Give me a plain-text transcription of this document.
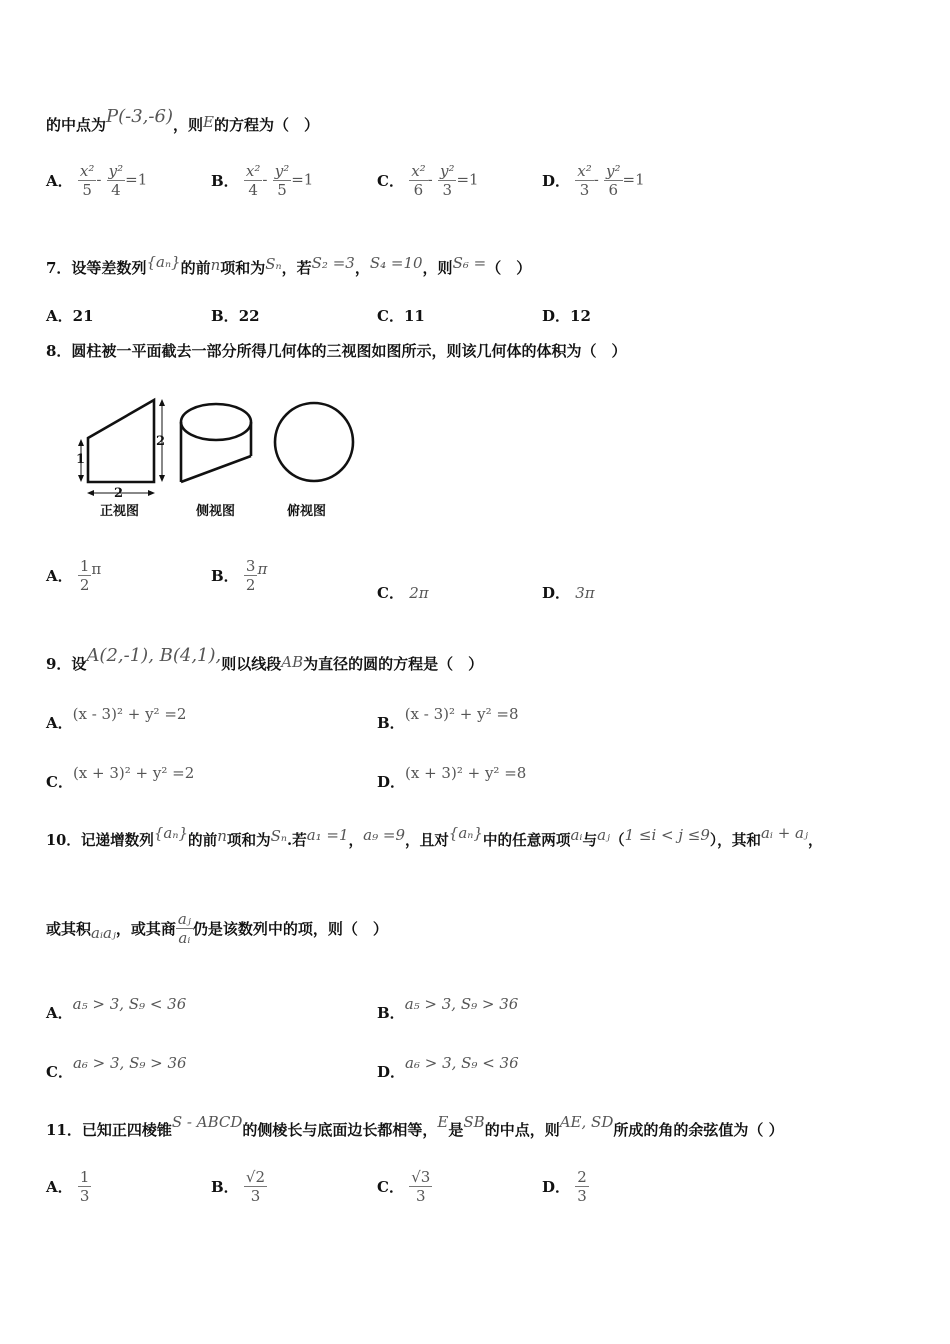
的中点为P(-3,-6)，则E的方程为（　）
A． $\frac{\text{x²}}{5} - \frac{\text{y²}}{4} =1$	B． $\frac{\text{x²}}{4} - \frac{\text{y²}}{5} =1$	C． $\frac{\text{x²}}{6} - \frac{\text{y²}}{3} =1$	D． $\frac{\text{x²}}{3} - \frac{\text{y²}}{6} =1$
7．设等差数列{aₙ}的前n项和为Sₙ，若S₂ =3，S₄ =10，则S₆ =（　）
A．21	B．22	C．11	D．12
8．圆柱被一平面截去一部分所得几何体的三视图如图所示，则该几何体的体积为（　）
1
2
2
正视图	侧视图	俯视图
A． $\frac{1}{2}$ π	B． $\frac{3}{2}$ π
C． 2π	D． 3π
9．设A(2,-1), B(4,1),则以线段AB为直径的圆的方程是（　）
A．(x - 3)² + y² =2	B．(x - 3)² + y² =8
C．(x + 3)² + y² =2	D．(x + 3)² + y² =8
10．记递增数列{aₙ}的前n项和为Sₙ.若a₁ =1，a₉ =9，且对{aₙ}中的任意两项aᵢ与aⱼ（1 ≤i < j ≤9），其和aᵢ + aⱼ，
或其积aᵢaⱼ，或其商 $\frac{\text{aⱼ}}{\text{aᵢ}}$ 仍是该数列中的项，则（　）
A．a₅ > 3, S₉ < 36	B．a₅ > 3, S₉ > 36
C．a₆ > 3, S₉ > 36	D．a₆ > 3, S₉ < 36
11．已知正四棱锥S - ABCD的侧棱长与底面边长都相等，E是SB的中点，则AE, SD所成的角的余弦值为（ ）
A． $\frac{1}{3}$	B． $\frac{√2}{3}$	C． $\frac{√3}{3}$	D． $\frac{2}{3}$
